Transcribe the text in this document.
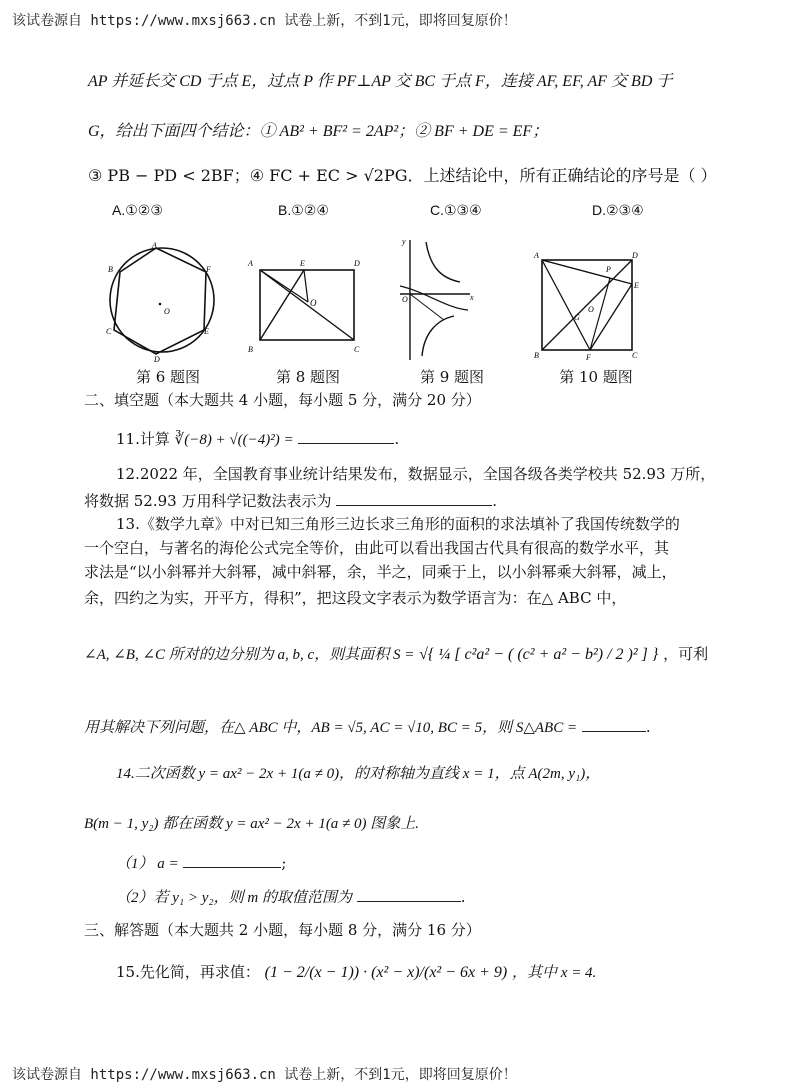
该试卷源自 https://www.mxsj663.cn 试卷上新，不到1元，即将回复原价！
AP 并延长交 CD 于点 E，过点 P 作 PF⊥AP 交 BC 于点 F，连接 AF, EF, AF 交 BD 于
G，给出下面四个结论：① AB² + BF² = 2AP²；② BF + DE = EF；
③ PB − PD < 2BF；④ FC + EC > √2PG．上述结论中，所有正确结论的序号是（ ）
A.①②③	B.①②④	C.①③④	D.②③④
A
F
B
O
C	E
D
A	E	D
O
B	C
y
O	x
A	D
P
E
G
O
B	F	C
第 6 题图	第 8 题图	第 9 题图	第 10 题图
二、填空题（本大题共 4 小题，每小题 5 分，满分 20 分）
11.计算 ∛(−8) + √((−4)²) =	.
12.2022 年，全国教育事业统计结果发布，数据显示，全国各级各类学校共 52.93 万所，
将数据 52.93 万用科学记数法表示为	.
13.《数学九章》中对已知三角形三边长求三角形的面积的求法填补了我国传统数学的
一个空白，与著名的海伦公式完全等价，由此可以看出我国古代具有很高的数学水平，其
求法是“以小斜幂并大斜幂，减中斜幂，余，半之，同乘于上，以小斜幂乘大斜幂，减上，
余，四约之为实，开平方，得积”，把这段文字表示为数学语言为：在△ ABC 中，
∠A, ∠B, ∠C 所对的边分别为 a, b, c，则其面积 S = √{ ¼ [ c²a² − ( (c² + a² − b²) / 2 )² ] } ，可利
用其解决下列问题，在△ ABC 中，AB = √5, AC = √10, BC = 5，则 S△ABC =	.
14.二次函数 y = ax² − 2x + 1(a ≠ 0)，的对称轴为直线 x = 1，点 A(2m, y₁)，
B(m − 1, y₂) 都在函数 y = ax² − 2x + 1(a ≠ 0) 图象上.
（1） a =	;
（2）若 y₁ > y₂，则 m 的取值范围为	.
三、解答题（本大题共 2 小题，每小题 8 分，满分 16 分）
15.先化简，再求值： (1 − 2/(x − 1)) · (x² − x)/(x² − 6x + 9) ，其中 x = 4.
该试卷源自 https://www.mxsj663.cn 试卷上新，不到1元，即将回复原价！
